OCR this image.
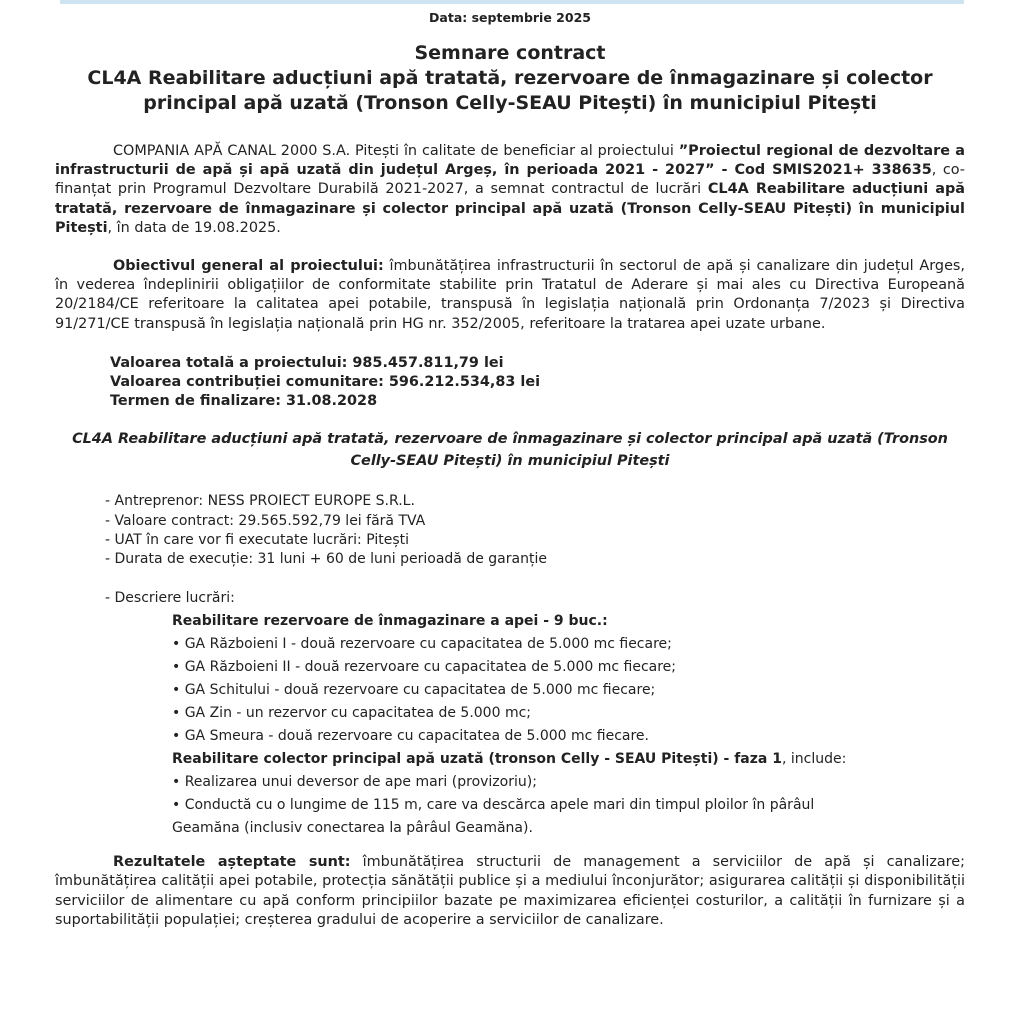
Data: septembrie 2025
Semnare contract
CL4A Reabilitare aducțiuni apă tratată, rezervoare de înmagazinare și colector principal apă uzată (Tronson Celly-SEAU Pitești) în municipiul Pitești

COMPANIA APĂ CANAL 2000 S.A. Pitești în calitate de beneficiar al proiectului ”Proiectul regional de dezvoltare a infrastructurii de apă și apă uzată din județul Argeș, în perioada 2021 - 2027” - Cod SMIS2021+ 338635, co-finanțat prin Programul Dezvoltare Durabilă 2021-2027, a semnat contractul de lucrări CL4A Reabilitare aducțiuni apă tratată, rezervoare de înmagazinare și colector principal apă uzată (Tronson Celly-SEAU Pitești) în municipiul Pitești, în data de 19.08.2025.

Obiectivul general al proiectului: îmbunătățirea infrastructurii în sectorul de apă și canalizare din județul Arges, în vederea îndeplinirii obligațiilor de conformitate stabilite prin Tratatul de Aderare și mai ales cu Directiva Europeană 20/2184/CE referitoare la calitatea apei potabile, transpusă în legislația națională prin Ordonanța 7/2023 și Directiva 91/271/CE transpusă în legislația națională prin HG nr. 352/2005, referitoare la tratarea apei uzate urbane.

Valoarea totală a proiectului: 985.457.811,79 lei
Valoarea contribuției comunitare: 596.212.534,83 lei
Termen de finalizare: 31.08.2028
CL4A Reabilitare aducțiuni apă tratată, rezervoare de înmagazinare și colector principal apă uzată (Tronson Celly-SEAU Pitești) în municipiul Pitești
- Antreprenor: NESS PROIECT EUROPE S.R.L.
- Valoare contract: 29.565.592,79 lei fără TVA
- UAT în care vor fi executate lucrări: Pitești
- Durata de execuție: 31 luni + 60 de luni perioadă de garanție
- Descriere lucrări:
Reabilitare rezervoare de înmagazinare a apei - 9 buc.:
• GA Războieni I - două rezervoare cu capacitatea de 5.000 mc fiecare;
• GA Războieni II - două rezervoare cu capacitatea de 5.000 mc fiecare;
• GA Schitului - două rezervoare cu capacitatea de 5.000 mc fiecare;
• GA Zin - un rezervor cu capacitatea de 5.000 mc;
• GA Smeura - două rezervoare cu capacitatea de 5.000 mc fiecare.
Reabilitare colector principal apă uzată (tronson Celly - SEAU Pitești) - faza 1, include:
• Realizarea unui deversor de ape mari (provizoriu);
• Conductă cu o lungime de 115 m, care va descărca apele mari din timpul ploilor în pârâul
Geamăna (inclusiv conectarea la pârâul Geamăna).

Rezultatele așteptate sunt: îmbunătățirea structurii de management a serviciilor de apă și canalizare; îmbunătățirea calității apei potabile, protecția sănătății publice și a mediului înconjurător; asigurarea calității și disponibilității serviciilor de alimentare cu apă conform principiilor bazate pe maximizarea eficienței costurilor, a calității în furnizare și a suportabilității populației; creșterea gradului de acoperire a serviciilor de canalizare.
